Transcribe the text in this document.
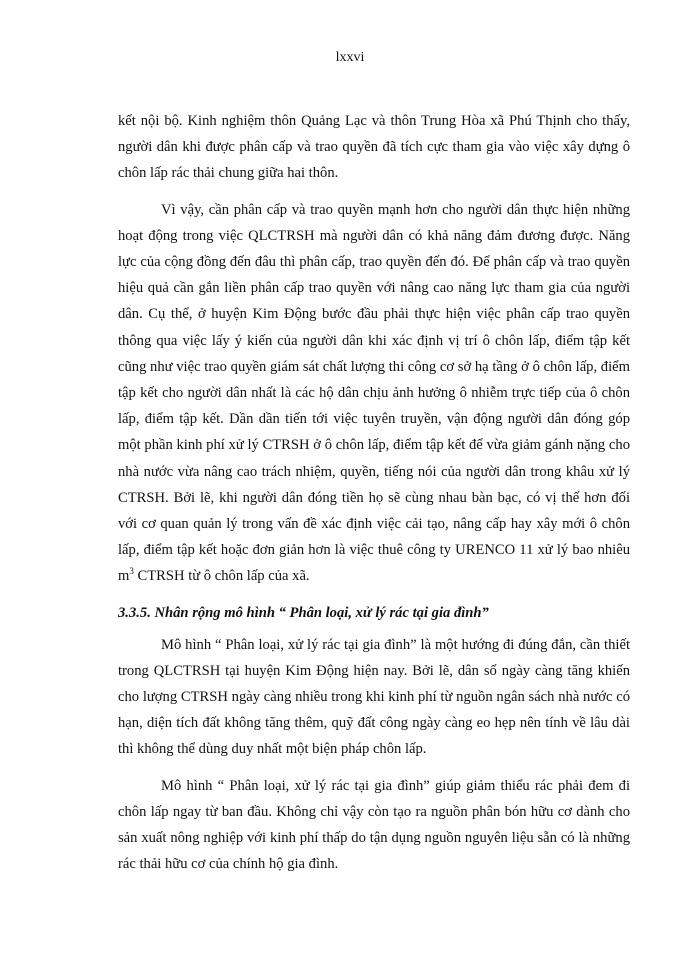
lxxvi

kết nội bộ. Kinh nghiệm thôn Quảng Lạc và thôn Trung Hòa xã Phú Thịnh cho thấy, người dân khi được phân cấp và trao quyền đã tích cực tham gia vào việc xây dựng ô chôn lấp rác thải chung giữa hai thôn.

Vì vậy, cần phân cấp và trao quyền mạnh hơn cho người dân thực hiện những hoạt động trong việc QLCTRSH mà người dân có khả năng đảm đương được. Năng lực của cộng đồng đến đâu thì phân cấp, trao quyền đến đó. Để phân cấp và trao quyền hiệu quả cần gắn liền phân cấp trao quyền với nâng cao năng lực tham gia của người dân. Cụ thể, ở huyện Kim Động bước đầu phải thực hiện việc phân cấp trao quyền thông qua việc lấy ý kiến của người dân khi xác định vị trí ô chôn lấp, điểm tập kết cũng như việc trao quyền giám sát chất lượng thi công cơ sở hạ tầng ở ô chôn lấp, điểm tập kết cho người dân nhất là các hộ dân chịu ảnh hưởng ô nhiễm trực tiếp của ô chôn lấp, điểm tập kết. Dần dần tiến tới việc tuyên truyền, vận động người dân đóng góp một phần kinh phí xử lý CTRSH ở ô chôn lấp, điểm tập kết để vừa giảm gánh nặng cho nhà nước vừa nâng cao trách nhiệm, quyền, tiếng nói của người dân trong khâu xử lý CTRSH. Bởi lẽ, khi người dân đóng tiền họ sẽ cùng nhau bàn bạc, có vị thế hơn đối với cơ quan quản lý trong vấn đề xác định việc cải tạo, nâng cấp hay xây mới ô chôn lấp, điểm tập kết hoặc đơn giản hơn là việc thuê công ty URENCO 11 xử lý bao nhiêu $m^3$ CTRSH từ ô chôn lấp của xã.

3.3.5. Nhân rộng mô hình “ Phân loại, xử lý rác tại gia đình”

Mô hình “ Phân loại, xử lý rác tại gia đình” là một hướng đi đúng đắn, cần thiết trong QLCTRSH tại huyện Kim Động hiện nay. Bởi lẽ, dân số ngày càng tăng khiến cho lượng CTRSH ngày càng nhiều trong khi kinh phí từ nguồn ngân sách nhà nước có hạn, diện tích đất không tăng thêm, quỹ đất công ngày càng eo hẹp nên tính về lâu dài thì không thể dùng duy nhất một biện pháp chôn lấp.

Mô hình “ Phân loại, xử lý rác tại gia đình” giúp giảm thiểu rác phải đem đi chôn lấp ngay từ ban đầu. Không chỉ vậy còn tạo ra nguồn phân bón hữu cơ dành cho sản xuất nông nghiệp với kinh phí thấp do tận dụng nguồn nguyên liệu sẵn có là những rác thải hữu cơ của chính hộ gia đình.
